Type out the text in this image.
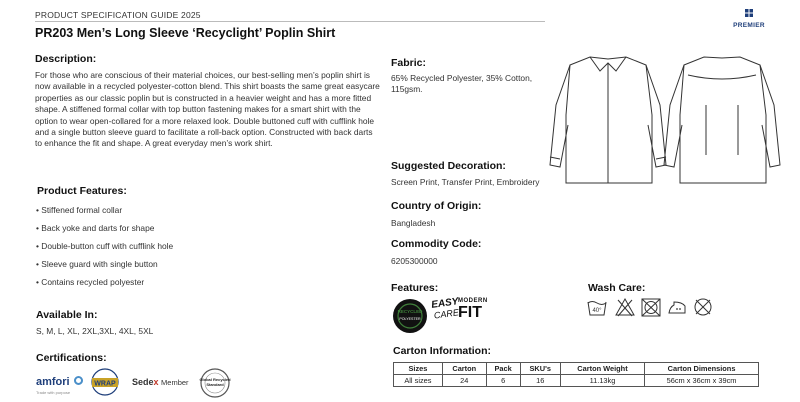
PRODUCT SPECIFICATION GUIDE 2025
PREMIER
PR203 Men’s Long Sleeve ‘Recyclight’ Poplin Shirt
Description:

For those who are conscious of their material choices, our best-selling men’s poplin shirt is now available in a recycled polyester-cotton blend. This shirt boasts the same great easycare properties as our classic poplin but is constructed in a heavier weight and has a more fitted shape. A stiffened formal collar with top button fastening makes for a smart shirt with the option to wear open-collared for a more relaxed look. Double buttoned cuff with cufflink hole and a single button sleeve guard to facilitate a roll-back option. Constructed with back darts to enhance the fit and shape. A great everyday men’s work shirt.

Product Features:
• Stiffened formal collar
• Back yoke and darts for shape
• Double-button cuff with cufflink hole
• Sleeve guard with single button
• Contains recycled polyester
Available In:
S, M, L, XL, 2XL,3XL, 4XL, 5XL
Certifications:
amfori
Trade with purpose
WRAP Sedex Member	Global Recycled
Standard
Fabric:

65% Recycled Polyester, 35% Cotton, 115gsm.

Suggested Decoration:
Screen Print, Transfer Print, Embroidery
Country of Origin:
Bangladesh
Commodity Code:
6205300000
Features:
RECYCLED
POLYESTER
EASY
CARE
MODERN
FIT
Wash Care:
40°
Carton Information:
Sizes	Carton	Pack	SKU's	Carton Weight	Carton Dimensions
All sizes	24	6	16	11.13kg	56cm x 36cm x 39cm
